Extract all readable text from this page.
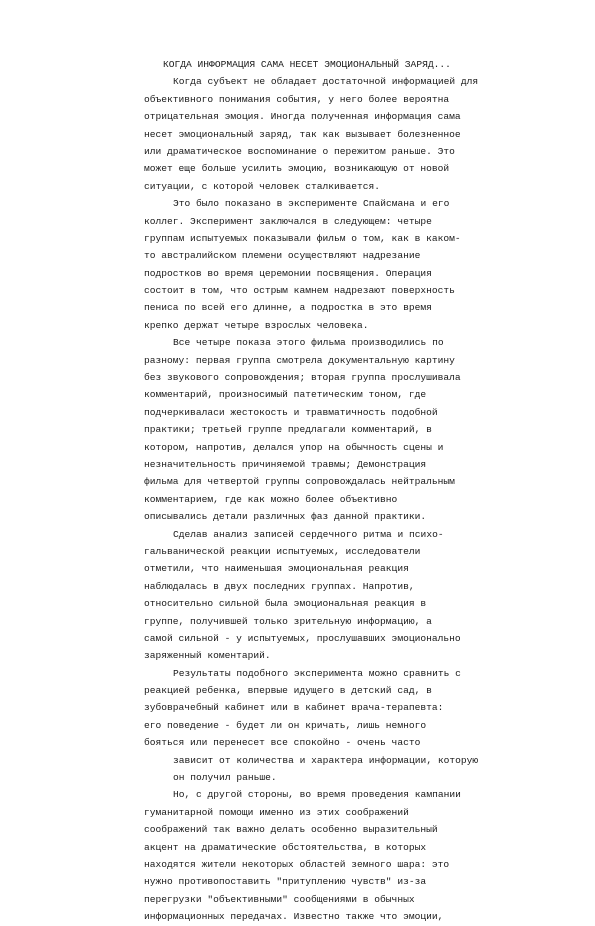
КОГДА ИНФОРМАЦИЯ САМА НЕСЕТ ЭМОЦИОНАЛЬНЫЙ ЗАРЯД...
Когда субъект не обладает достаточной информацией для
объективного понимания события, у него более вероятна
отрицательная эмоция. Иногда полученная информация сама
несет эмоциональный заряд, так как вызывает болезненное
или драматическое воспоминание о пережитом раньше. Это
может еще больше усилить эмоцию, возникающую от новой
ситуации, с которой человек сталкивается.
Это было показано в эксперименте Спайсмана и его
коллег. Эксперимент заключался в следующем: четыре
группам испытуемых показывали фильм о том, как в каком-
то австралийском племени осуществляют надрезание
подростков во время церемонии посвящения. Операция
состоит в том, что острым камнем надрезают поверхность
пениса по всей его длинне, а подростка в это время
крепко держат четыре взрослых человека.
Все четыре показа этого фильма производились по
разному: первая группа смотрела документальную картину
без звукового сопровождения; вторая группа прослушивала
комментарий, произносимый патетическим тоном, где
подчеркивалаcи жестокость и травматичность подобной
практики; третьей группе предлагали комментарий, в
котором, напротив, делался упор на обычность сцены и
незначительность причиняемой травмы; Демонстрация
фильма для четвертой группы сопровождалась нейтральным
комментарием, где как можно более объективно
описывались детали различных фаз данной практики.
Сделав анализ записей сердечного ритма и психо-
гальванической реакции испытуемых, исследователи
отметили, что наименьшая эмоциональная реакция
наблюдалась в двух последних группах. Напротив,
относительно сильной была эмоциональная реакция в
группе, получившей только зрительную информацию, а
самой сильной - у испытуемых, прослушавших эмоционально
заряженный коментарий.
Результаты подобного эксперимента можно сравнить с
реакцией ребенка, впервые идущего в детский сад, в
зубоврачебный кабинет или в кабинет врача-терапевта:
его поведение - будет ли он кричать, лишь немного
бояться или перенесет все спокойно - очень часто
зависит от количества и характера информации, которую
он получил раньше.
Но, с другой стороны, во время проведения кампании
гуманитарной помощи именно из этих соображений
соображений так важно делать особенно выразительный
акцент на драматические обстоятельства, в которых
находятся жители некоторых областей земного шара: это
нужно противопоставить "притуплению чувств" из-за
перегрузки "объективными" сообщениями в обычных
информационных передачах. Известно также что эмоции,
